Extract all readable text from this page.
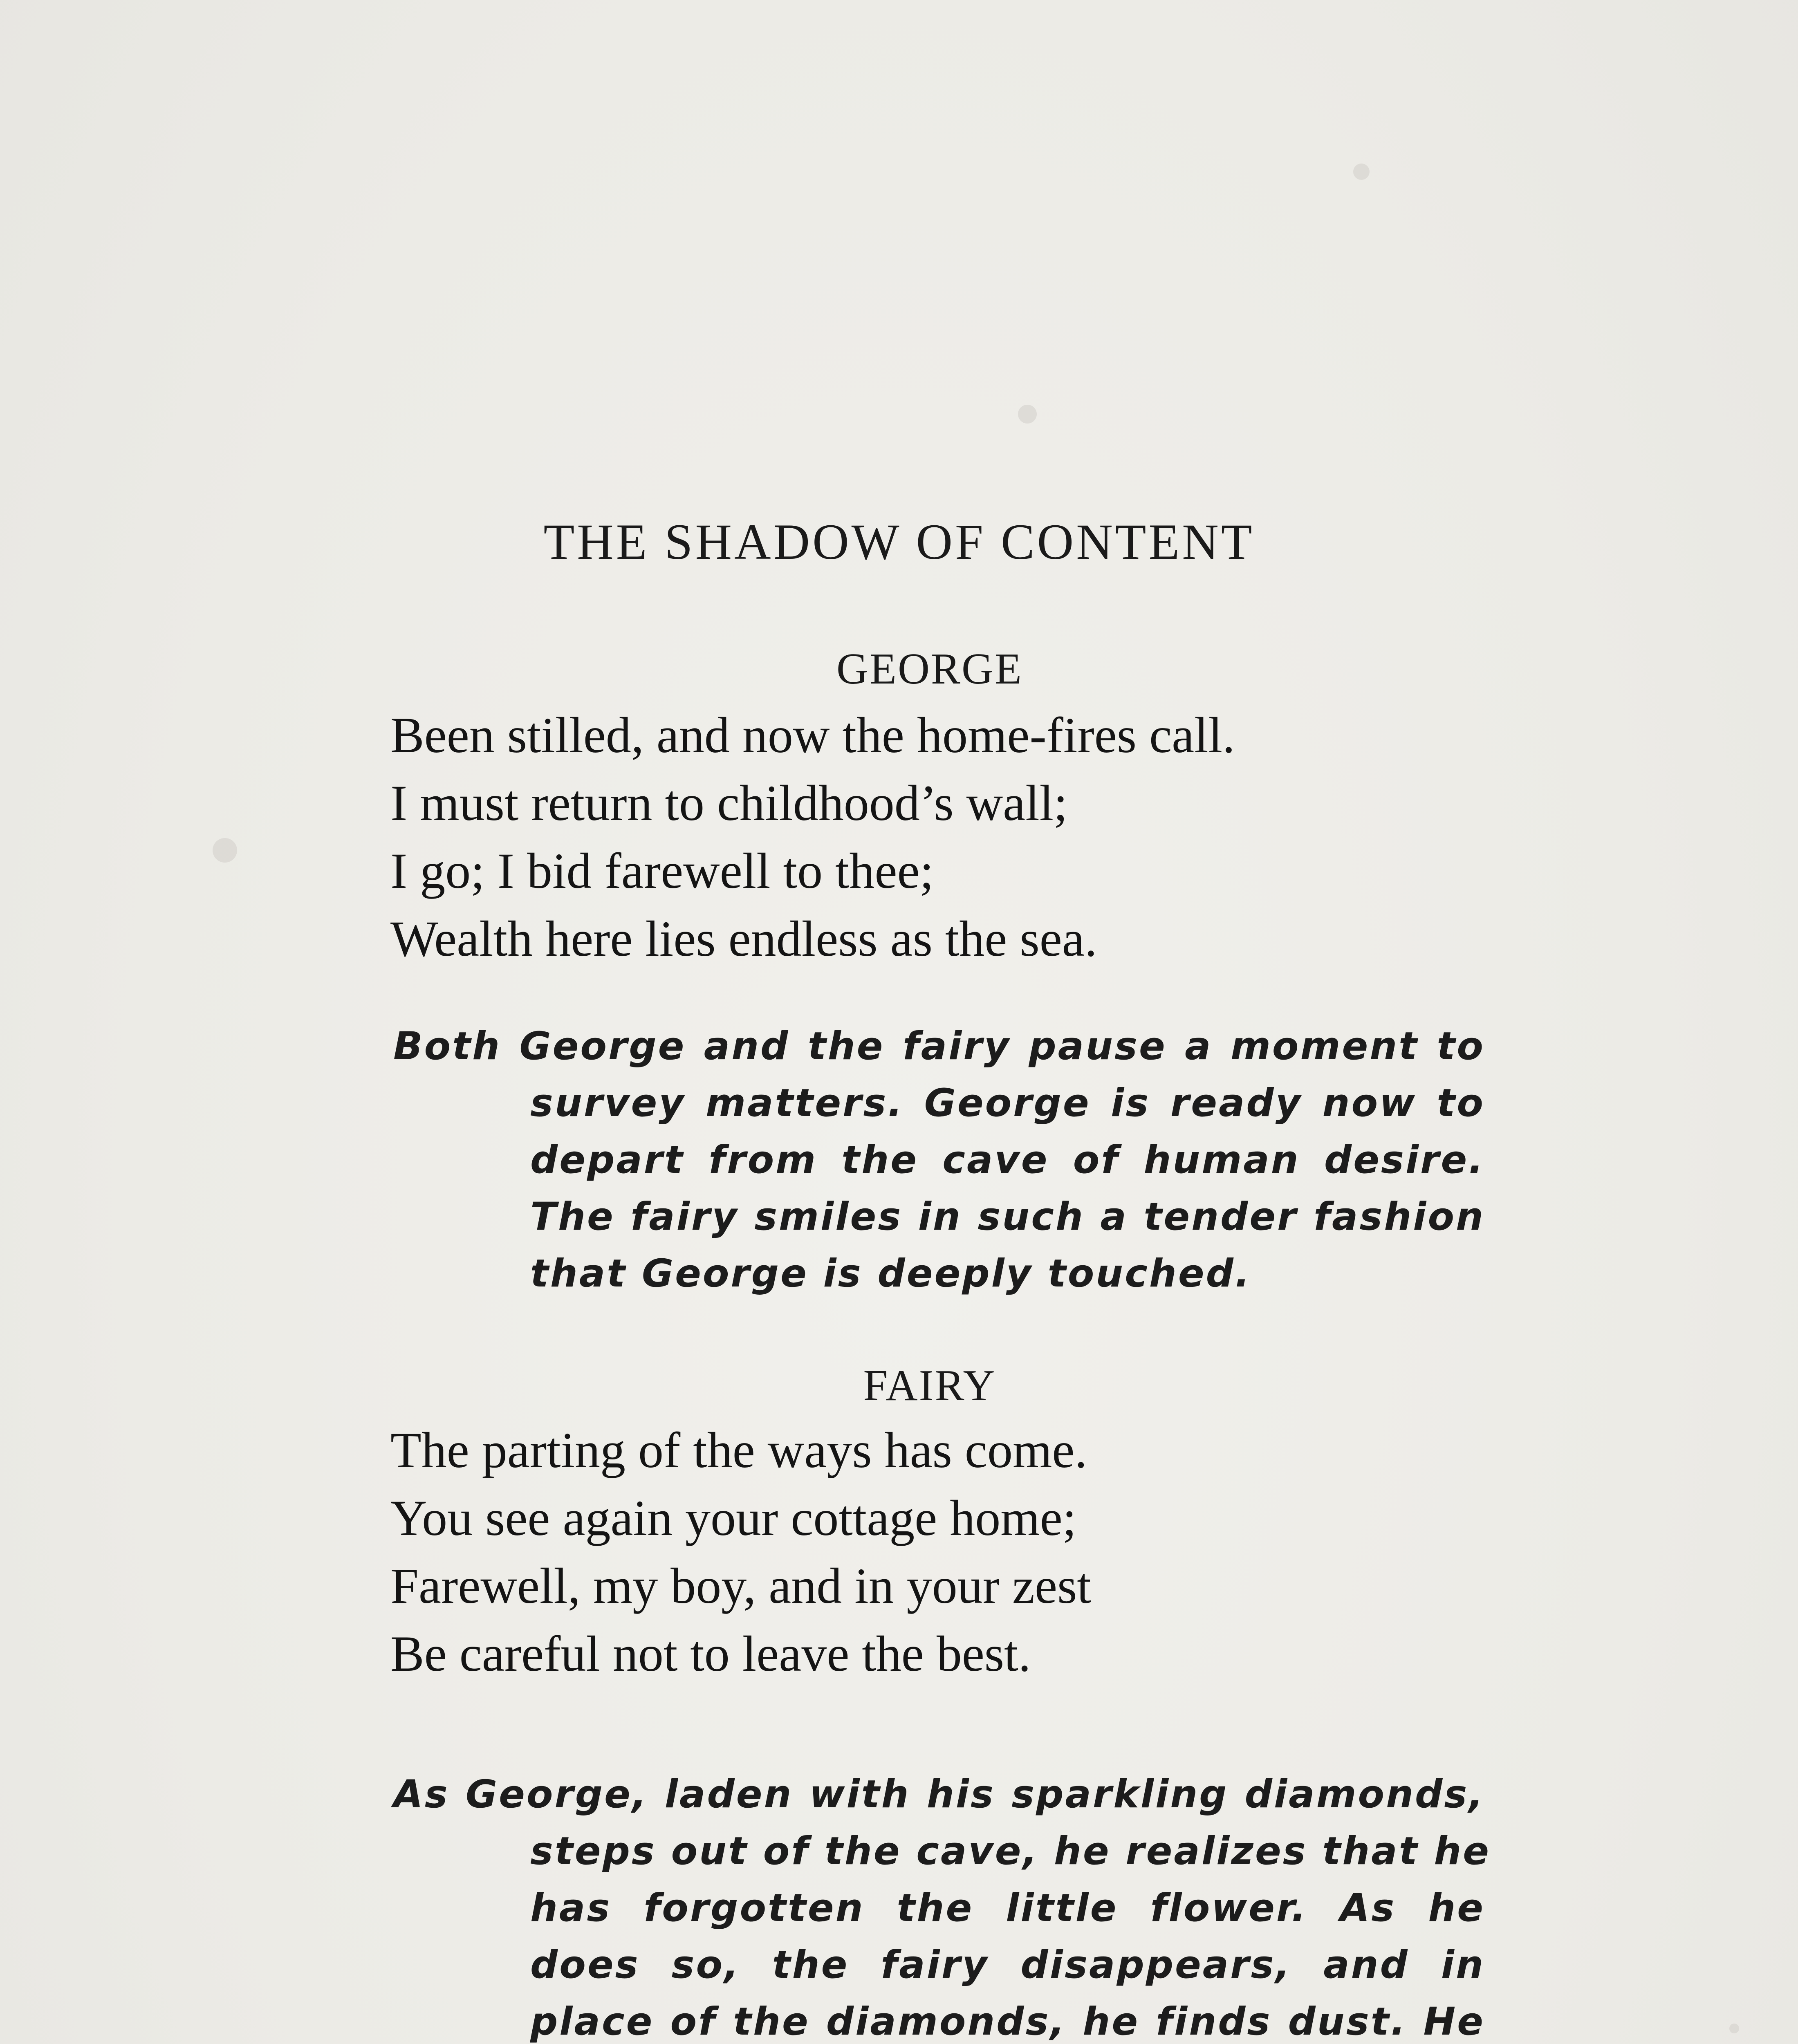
THE SHADOW OF CONTENT
GEORGE
Been stilled, and now the home-fires call.
I must return to childhood’s wall;
I go; I bid farewell to thee;
Wealth here lies endless as the sea.
Both George and the fairy pause a moment to
survey matters. George is ready now to
depart from the cave of human desire.
The fairy smiles in such a tender fashion
that George is deeply touched.
FAIRY
The parting of the ways has come.
You see again your cottage home;
Farewell, my boy, and in your zest
Be careful not to leave the best.
As George, laden with his sparkling diamonds,
steps out of the cave, he realizes that he
has forgotten the little flower. As he
does so, the fairy disappears, and in
place of the diamonds, he finds dust. He
